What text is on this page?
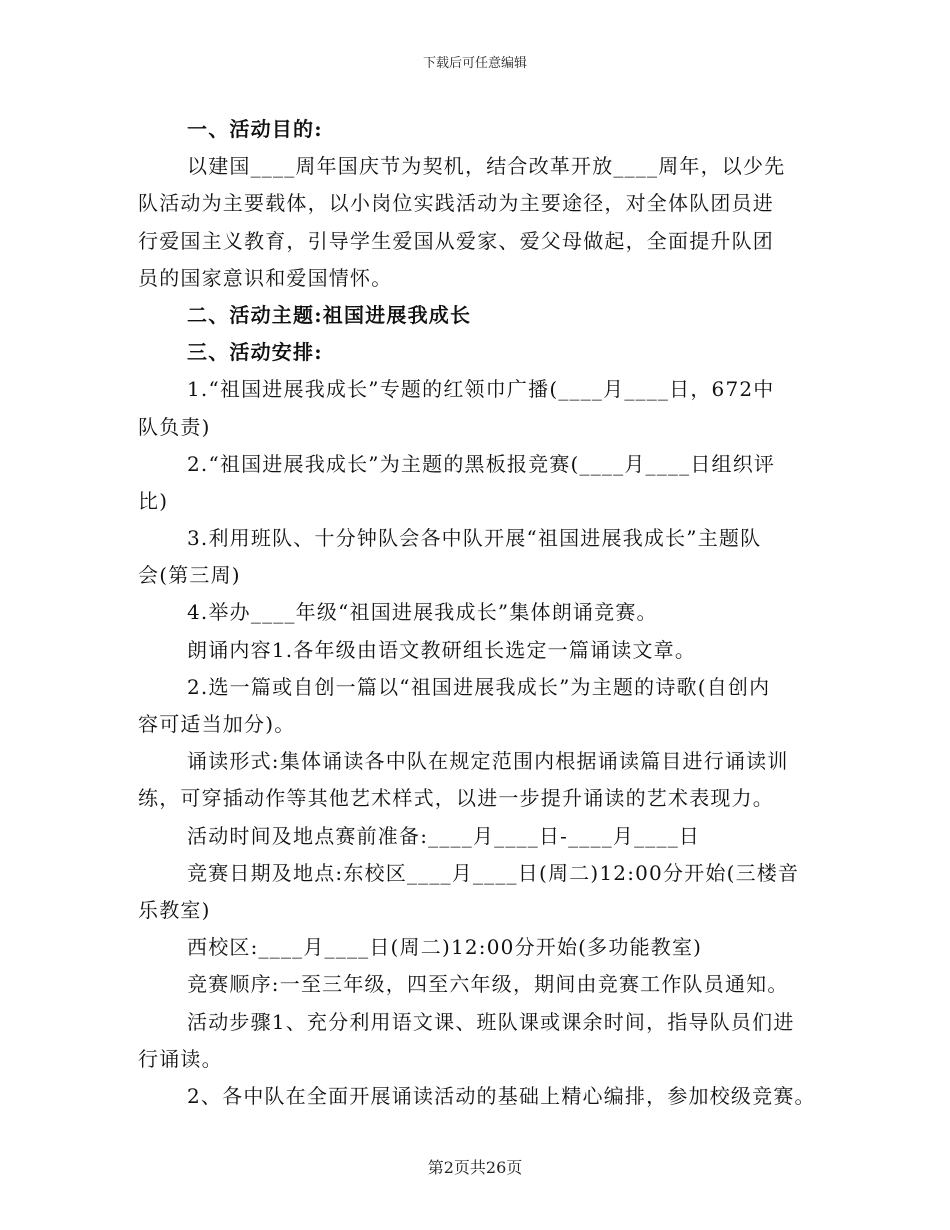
下载后可任意编辑
一、活动目的:
以建国____周年国庆节为契机，结合改革开放____周年，以少先
队活动为主要载体，以小岗位实践活动为主要途径，对全体队团员进
行爱国主义教育，引导学生爱国从爱家、爱父母做起，全面提升队团
员的国家意识和爱国情怀。
二、活动主题:祖国进展我成长
三、活动安排:
1.“祖国进展我成长”专题的红领巾广播(____月____日，672中
队负责)
2.“祖国进展我成长”为主题的黑板报竞赛(____月____日组织评
比)
3.利用班队、十分钟队会各中队开展“祖国进展我成长”主题队
会(第三周)
4.举办____年级“祖国进展我成长”集体朗诵竞赛。
朗诵内容1.各年级由语文教研组长选定一篇诵读文章。
2.选一篇或自创一篇以“祖国进展我成长”为主题的诗歌(自创内
容可适当加分)。
诵读形式:集体诵读各中队在规定范围内根据诵读篇目进行诵读训
练，可穿插动作等其他艺术样式，以进一步提升诵读的艺术表现力。
活动时间及地点赛前准备:____月____日-____月____日
竞赛日期及地点:东校区____月____日(周二)12:00分开始(三楼音
乐教室)
西校区:____月____日(周二)12:00分开始(多功能教室)
竞赛顺序:一至三年级，四至六年级，期间由竞赛工作队员通知。
活动步骤1、充分利用语文课、班队课或课余时间，指导队员们进
行诵读。
2、各中队在全面开展诵读活动的基础上精心编排，参加校级竞赛。
第2页共26页
